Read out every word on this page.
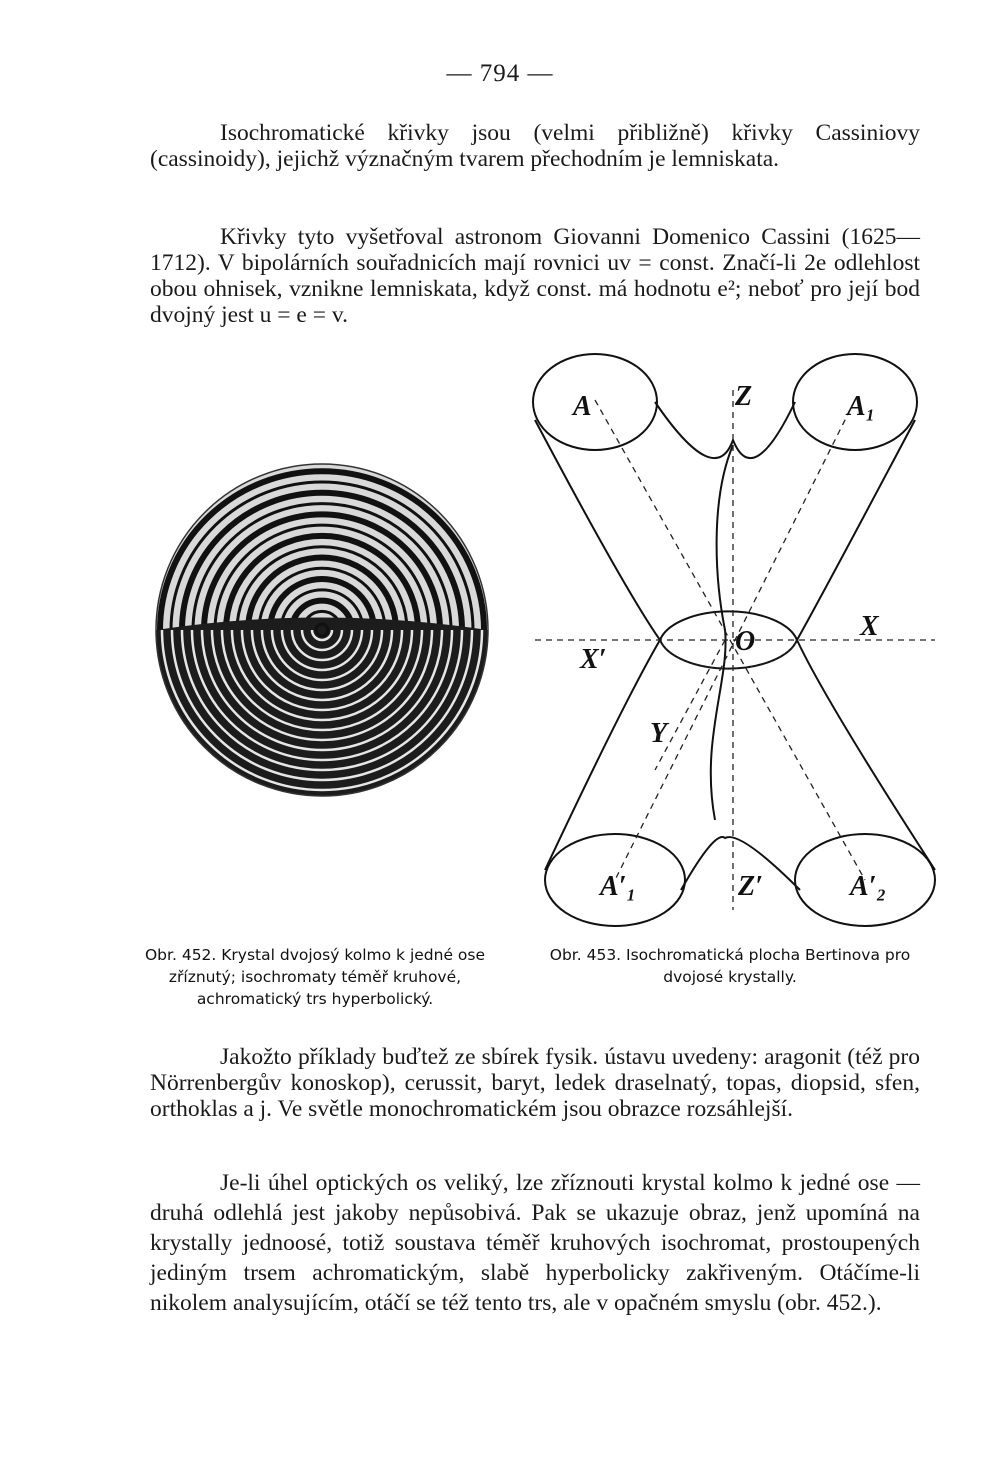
— 794 —

Isochromatické křivky jsou (velmi přibližně) křivky Cassiniovy (cassinoidy), jejichž význačným tvarem přechodním je lemniskata.

Křivky tyto vyšetřoval astronom Giovanni Domenico Cassini (1625—1712). V bipolárních souřadnicích mají rovnici uv = const. Značí-li 2e odlehlost obou ohnisek, vznikne lemniskata, když const. má hodnotu e²; neboť pro její bod dvojný jest u = e = v.

A	Z	A₁
X
X′
O
Y
A′₁	Z′	A′₂

Obr. 452. Krystal dvojosý kolmo k jedné ose zříznutý; isochromaty téměř kruhové, achromatický trs hyperbolický.

Obr. 453. Isochromatická plocha Bertinova pro dvojosé krystally.

Jakožto příklady buďtež ze sbírek fysik. ústavu uvedeny: aragonit (též pro Nörrenbergův konoskop), cerussit, baryt, ledek draselnatý, topas, diopsid, sfen, orthoklas a j. Ve světle monochromatickém jsou obrazce rozsáhlejší.

Je-li úhel optických os veliký, lze zříznouti krystal kolmo k jedné ose — druhá odlehlá jest jakoby nepůsobivá. Pak se ukazuje obraz, jenž upomíná na krystally jednoosé, totiž soustava téměř kruhových isochromat, prostoupených jediným trsem achromatickým, slabě hyperbolicky zakřiveným. Otáčíme-li nikolem analysujícím, otáčí se též tento trs, ale v opačném smyslu (obr. 452.).
